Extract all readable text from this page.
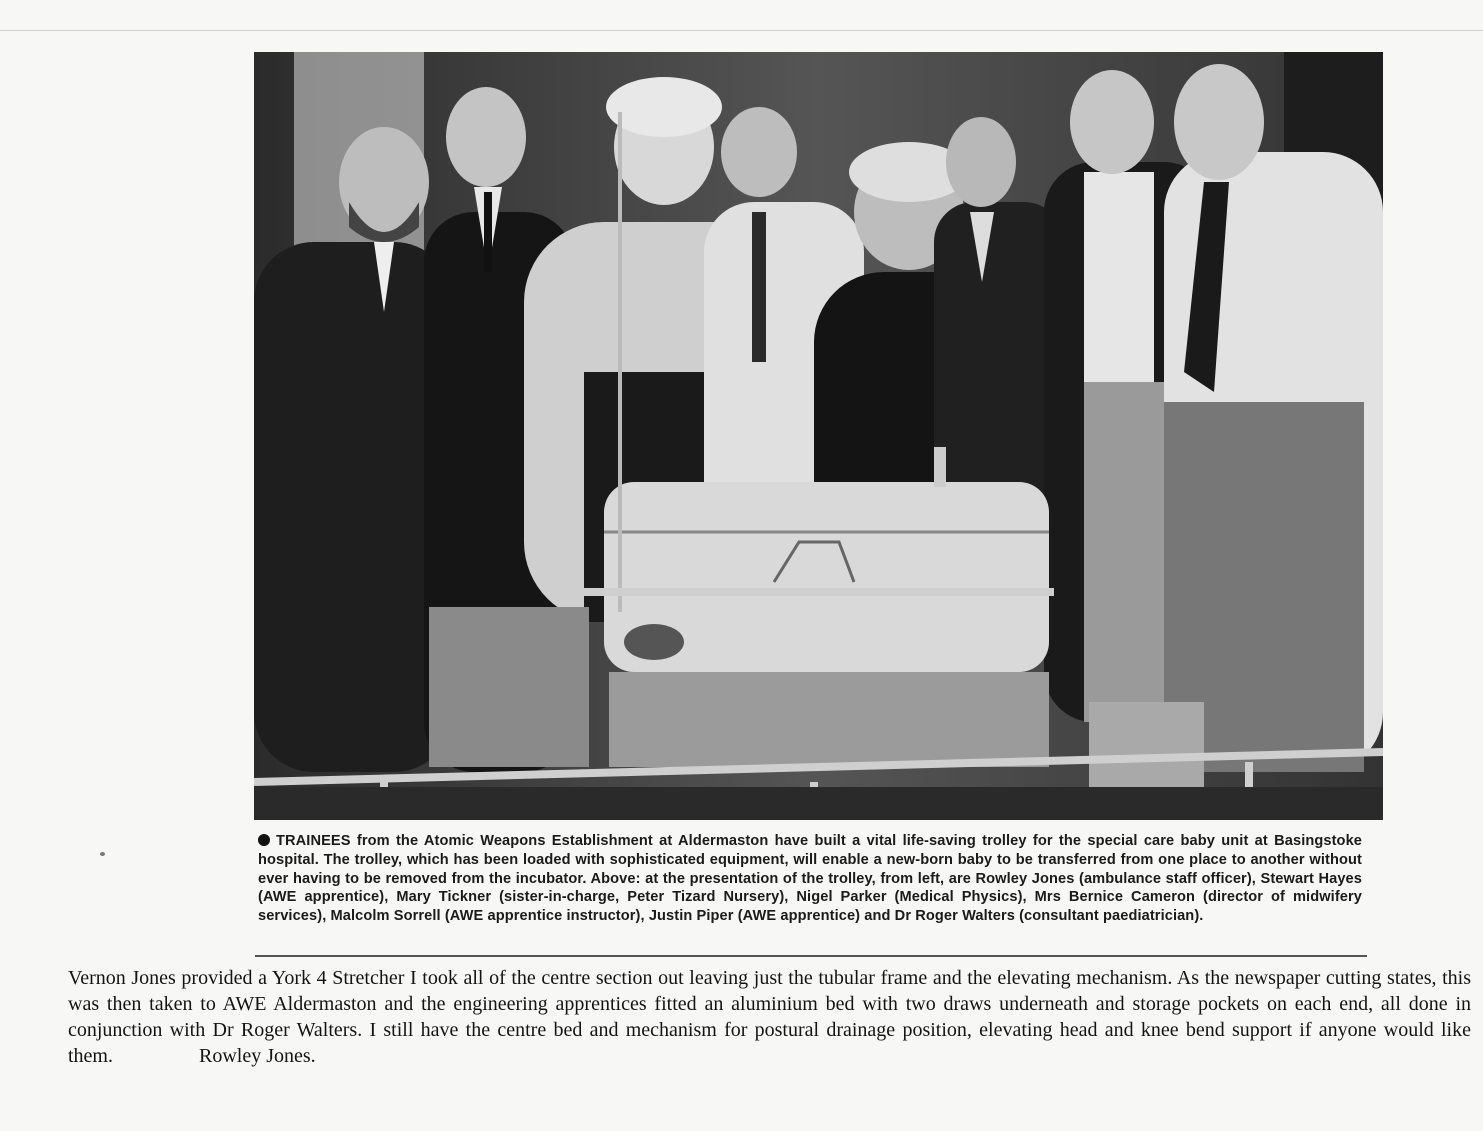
TRAINEES from the Atomic Weapons Establishment at Aldermaston have built a vital life-saving trolley for the special care baby unit at Basingstoke hospital. The trolley, which has been loaded with sophisticated equipment, will enable a new-born baby to be transferred from one place to another without ever having to be removed from the incubator. Above: at the presentation of the trolley, from left, are Rowley Jones (ambulance staff officer), Stewart Hayes (AWE apprentice), Mary Tickner (sister-in-charge, Peter Tizard Nursery), Nigel Parker (Medical Physics), Mrs Bernice Cameron (director of midwifery services), Malcolm Sorrell (AWE apprentice instructor), Justin Piper (AWE apprentice) and Dr Roger Walters (consultant paediatrician).
Vernon Jones provided a York 4 Stretcher I took all of the centre section out leaving just the tubular frame and the elevating mechanism. As the newspaper cutting states, this was then taken to AWE Aldermaston and the engineering apprentices fitted an aluminium bed with two draws underneath and storage pockets on each end, all done in conjunction with Dr Roger Walters. I still have the centre bed and mechanism for postural drainage position, elevating head and knee bend support if anyone would like them.	Rowley Jones.
